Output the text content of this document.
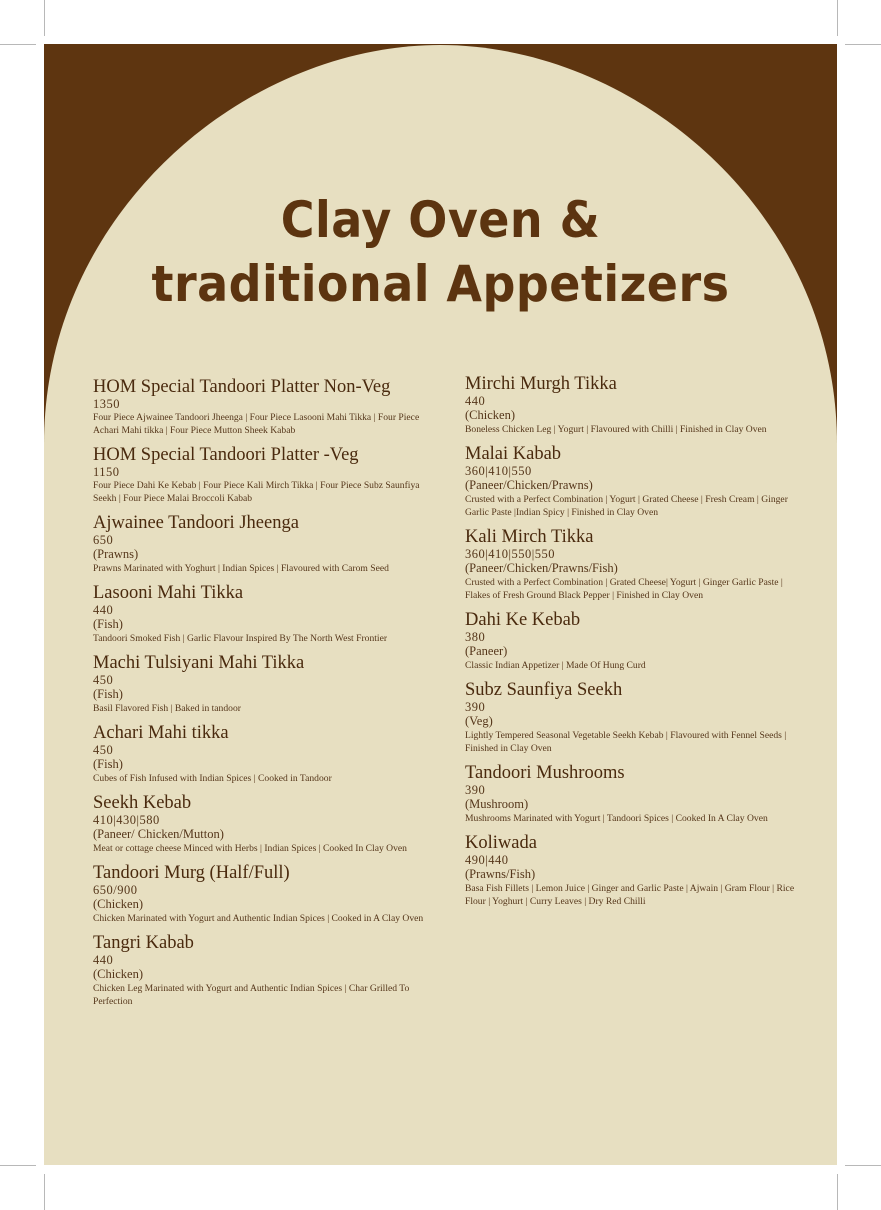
Clay Oven &
traditional Appetizers
HOM Special Tandoori Platter Non-Veg
1350
Four Piece Ajwainee Tandoori Jheenga | Four Piece Lasooni Mahi Tikka | Four Piece Achari Mahi tikka | Four Piece Mutton Sheek Kabab
HOM Special Tandoori Platter -Veg
1150
Four Piece Dahi Ke Kebab | Four Piece Kali Mirch Tikka | Four Piece Subz Saunfiya Seekh | Four Piece Malai Broccoli Kabab
Ajwainee Tandoori Jheenga
650
(Prawns)
Prawns Marinated with Yoghurt | Indian Spices | Flavoured with Carom Seed
Lasooni Mahi Tikka
440
(Fish)
Tandoori Smoked Fish | Garlic Flavour Inspired By The North West Frontier
Machi Tulsiyani Mahi Tikka
450
(Fish)
Basil Flavored Fish | Baked in tandoor
Achari Mahi tikka
450
(Fish)
Cubes of Fish Infused with Indian Spices | Cooked in Tandoor
Seekh Kebab
410|430|580
(Paneer/ Chicken/Mutton)
Meat or cottage cheese Minced with Herbs | Indian Spices | Cooked In Clay Oven
Tandoori Murg (Half/Full)
650/900
(Chicken)
Chicken Marinated with Yogurt and Authentic Indian Spices | Cooked in A Clay Oven
Tangri Kabab
440
(Chicken)
Chicken Leg Marinated with Yogurt and Authentic Indian Spices | Char Grilled To Perfection
Mirchi Murgh Tikka
440
(Chicken)
Boneless Chicken Leg | Yogurt | Flavoured with Chilli | Finished in Clay Oven
Malai Kabab
360|410|550
(Paneer/Chicken/Prawns)
Crusted with a Perfect Combination | Yogurt | Grated Cheese | Fresh Cream | Ginger Garlic Paste |Indian Spicy | Finished in Clay Oven
Kali Mirch Tikka
360|410|550|550
(Paneer/Chicken/Prawns/Fish)
Crusted with a Perfect Combination | Grated Cheese| Yogurt | Ginger Garlic Paste | Flakes of Fresh Ground Black Pepper | Finished in Clay Oven
Dahi Ke Kebab
380
(Paneer)
Classic Indian Appetizer | Made Of Hung Curd
Subz Saunfiya Seekh
390
(Veg)
Lightly Tempered Seasonal Vegetable Seekh Kebab | Flavoured with Fennel Seeds | Finished in Clay Oven
Tandoori Mushrooms
390
(Mushroom)
Mushrooms Marinated with Yogurt | Tandoori Spices | Cooked In A Clay Oven
Koliwada
490|440
(Prawns/Fish)
Basa Fish Fillets | Lemon Juice | Ginger and Garlic Paste | Ajwain | Gram Flour | Rice Flour | Yoghurt | Curry Leaves | Dry Red Chilli
